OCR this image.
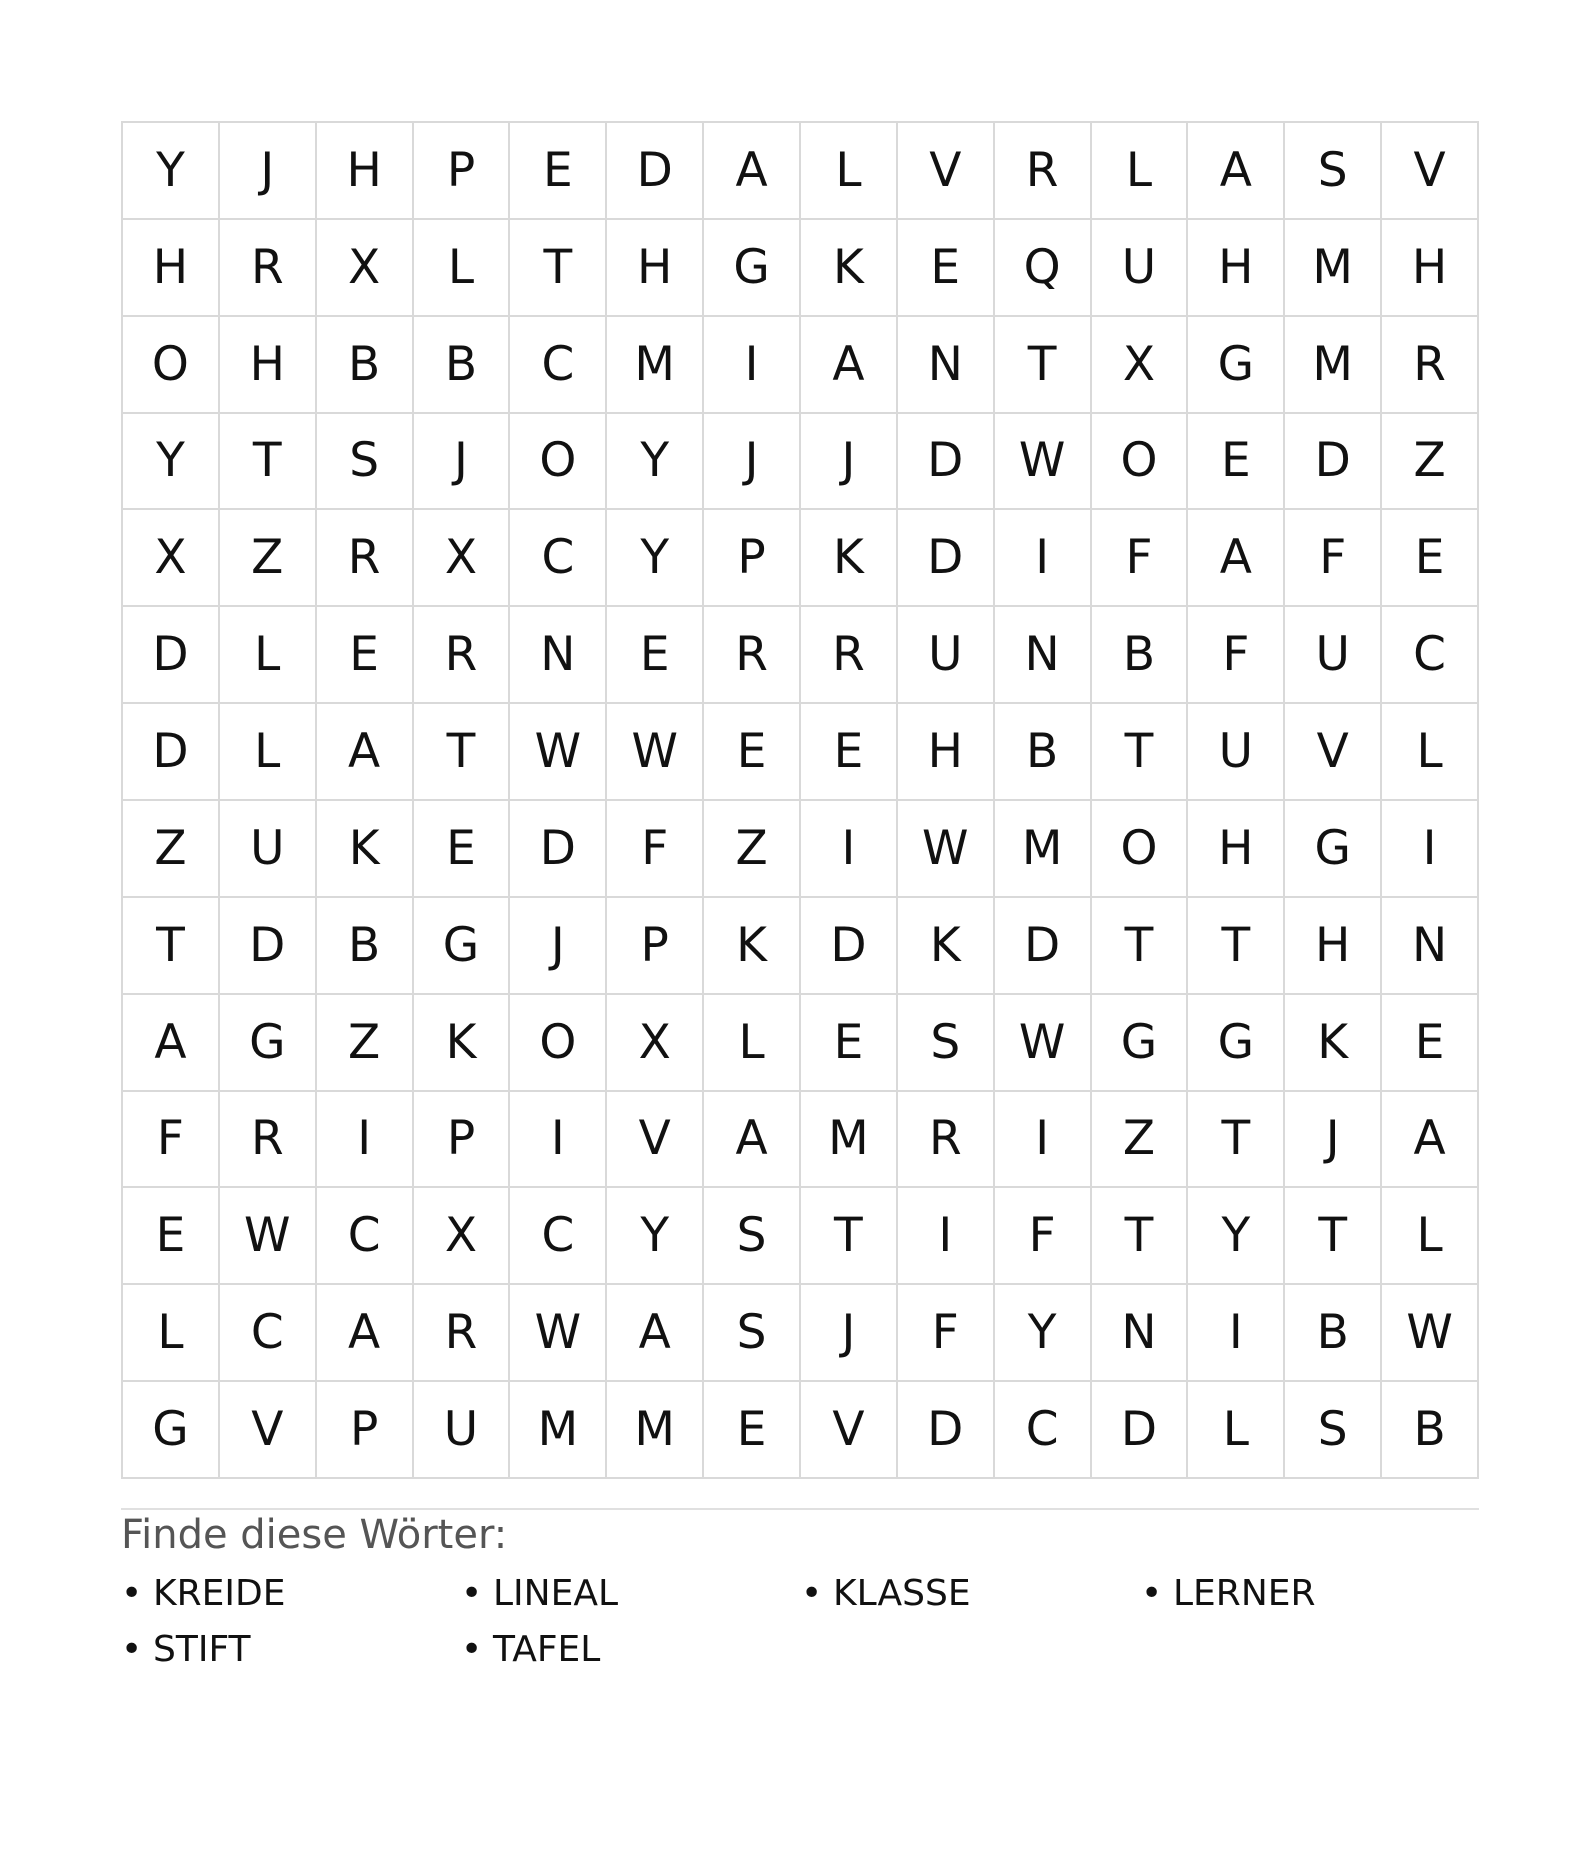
Y	J	H	P	E	D	A	L	V	R	L	A	S	V
H	R	X	L	T	H	G	K	E	Q	U	H	M	H
O	H	B	B	C	M	I	A	N	T	X	G	M	R
Y	T	S	J	O	Y	J	J	D	W	O	E	D	Z
X	Z	R	X	C	Y	P	K	D	I	F	A	F	E
D	L	E	R	N	E	R	R	U	N	B	F	U	C
D	L	A	T	W	W	E	E	H	B	T	U	V	L
Z	U	K	E	D	F	Z	I	W	M	O	H	G	I
T	D	B	G	J	P	K	D	K	D	T	T	H	N
A	G	Z	K	O	X	L	E	S	W	G	G	K	E
F	R	I	P	I	V	A	M	R	I	Z	T	J	A
E	W	C	X	C	Y	S	T	I	F	T	Y	T	L
L	C	A	R	W	A	S	J	F	Y	N	I	B	W
G	V	P	U	M	M	E	V	D	C	D	L	S	B
Finde diese Wörter:
• KREIDE	• LINEAL	• KLASSE	• LERNER
• STIFT	• TAFEL
